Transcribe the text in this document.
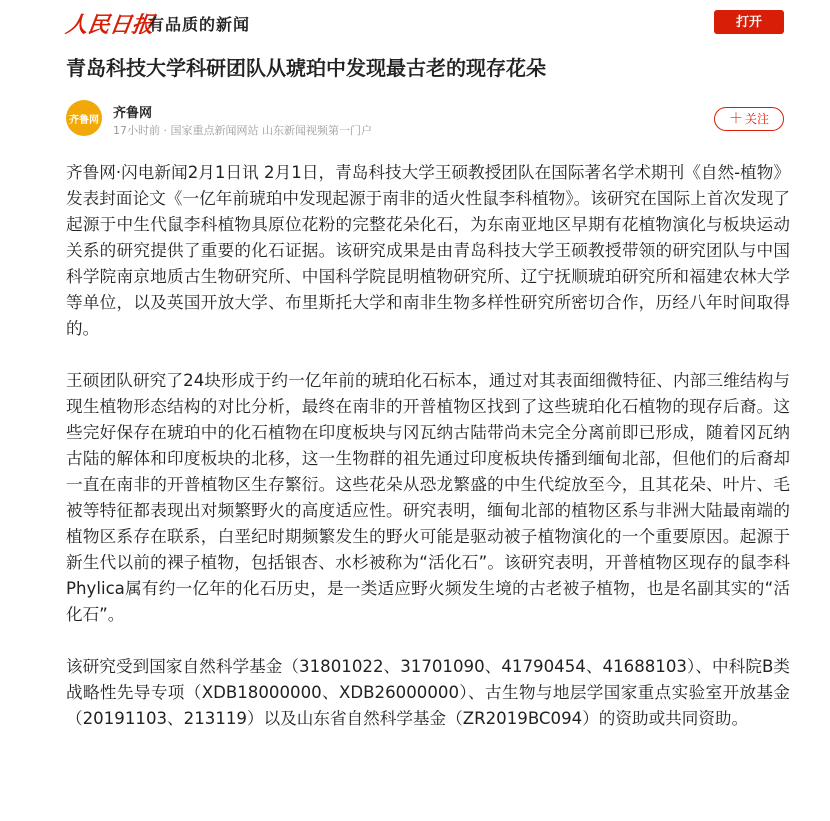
人民日报
有品质的新闻	打开
青岛科技大学科研团队从琥珀中发现最古老的现存花朵
齐鲁网 齐鲁网
17小时前 · 国家重点新闻网站 山东新闻视频第一门户
＋ 关注

齐鲁网·闪电新闻2月1日讯 2月1日，青岛科技大学王硕教授团队在国际著名学术期刊《自然-植物》发表封面论文《一亿年前琥珀中发现起源于南非的适火性鼠李科植物》。该研究在国际上首次发现了起源于中生代鼠李科植物具原位花粉的完整花朵化石，为东南亚地区早期有花植物演化与板块运动关系的研究提供了重要的化石证据。该研究成果是由青岛科技大学王硕教授带领的研究团队与中国科学院南京地质古生物研究所、中国科学院昆明植物研究所、辽宁抚顺琥珀研究所和福建农林大学等单位，以及英国开放大学、布里斯托大学和南非生物多样性研究所密切合作，历经八年时间取得的。

王硕团队研究了24块形成于约一亿年前的琥珀化石标本，通过对其表面细微特征、内部三维结构与现生植物形态结构的对比分析，最终在南非的开普植物区找到了这些琥珀化石植物的现存后裔。这些完好保存在琥珀中的化石植物在印度板块与冈瓦纳古陆带尚未完全分离前即已形成，随着冈瓦纳古陆的解体和印度板块的北移，这一生物群的祖先通过印度板块传播到缅甸北部，但他们的后裔却一直在南非的开普植物区生存繁衍。这些花朵从恐龙繁盛的中生代绽放至今，且其花朵、叶片、毛被等特征都表现出对频繁野火的高度适应性。研究表明，缅甸北部的植物区系与非洲大陆最南端的植物区系存在联系，白垩纪时期频繁发生的野火可能是驱动被子植物演化的一个重要原因。起源于新生代以前的裸子植物，包括银杏、水杉被称为“活化石”。该研究表明，开普植物区现存的鼠李科Phylica属有约一亿年的化石历史，是一类适应野火频发生境的古老被子植物，也是名副其实的“活化石”。

该研究受到国家自然科学基金（31801022、31701090、41790454、41688103）、中科院B类战略性先导专项（XDB18000000、XDB26000000）、古生物与地层学国家重点实验室开放基金（20191103、213119）以及山东省自然科学基金（ZR2019BC094）的资助或共同资助。
